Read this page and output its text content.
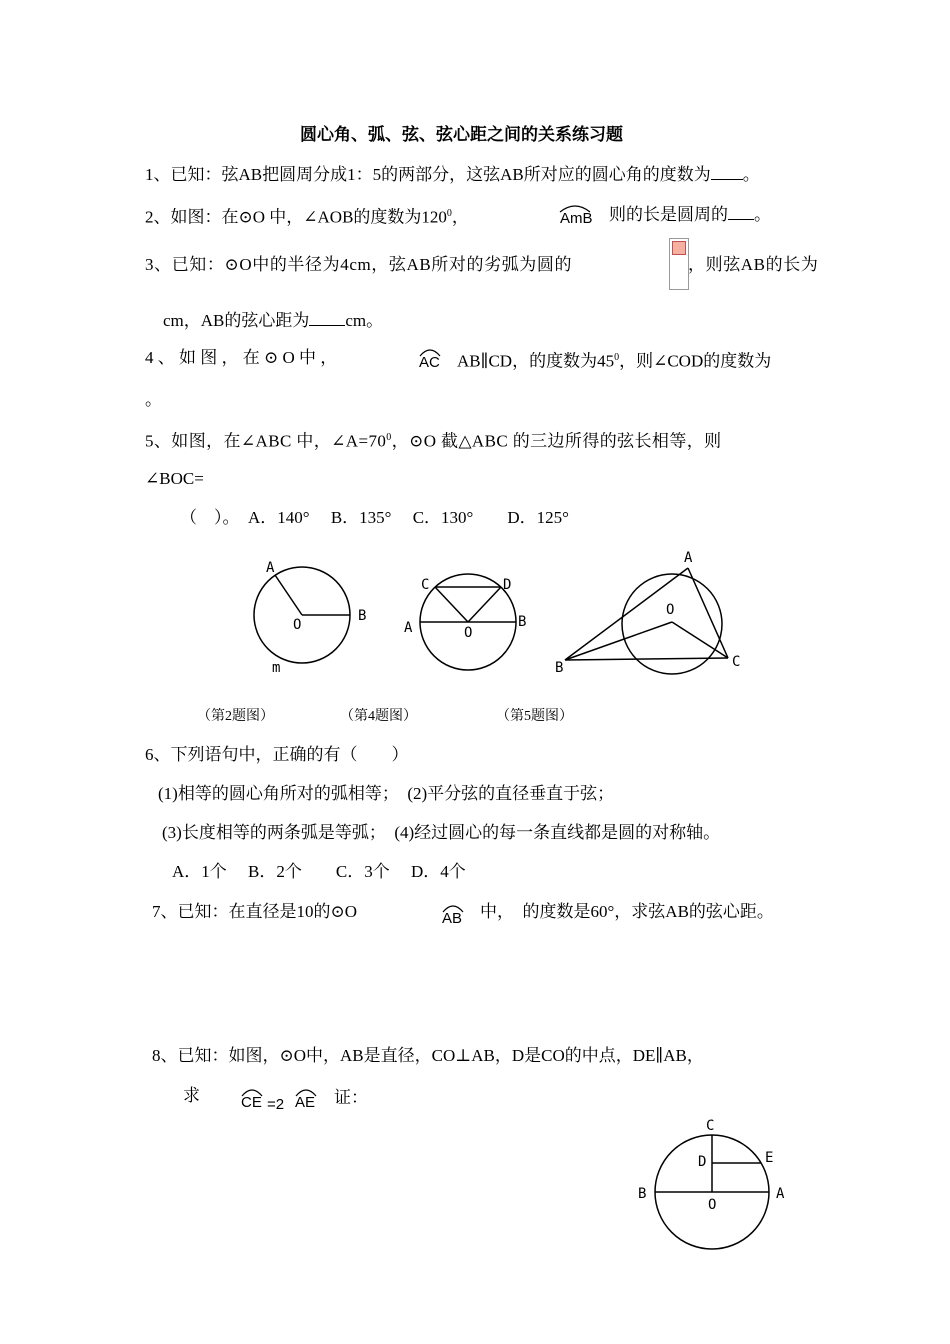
圆心角、弧、弦、弦心距之间的关系练习题
1、已知：弦AB把圆周分成1：5的两部分，这弦AB所对应的圆心角的度数为 。
2、如图：在⊙O 中，∠AOB的度数为$120^0$，	AmB 则的长是圆周的 。
3、已知：⊙O中的半径为4cm，弦AB所对的劣弧为圆的	，则弦AB的长为
cm，AB的弦心距为 cm。
4 、 如 图 ， 在 ⊙ O 中 ，	AC AB∥CD，的度数为$45^0$，则∠COD的度数为
。
5、如图，在∠ABC 中，$\angle A=70^0$，⊙O 截△ABC 的三边所得的弦长相等，则
∠BOC=
（　）。　A．140°　 B．135°　 C．130°　　D．125°
A
O
B
m
C	D
A	O
B
A
O
B	C
（第2题图）	（第4题图）	（第5题图）
6、下列语句中，正确的有（　　）
(1)相等的圆心角所对的弧相等；　(2)平分弦的直径垂直于弦；
(3)长度相等的两条弧是等弧；　(4)经过圆心的每一条直线都是圆的对称轴。
A．1个　 B．2个　　C．3个　 D．4个
7、已知：在直径是10的⊙O	AB 中，　的度数是60°，求弦AB的弦心距。
8、已知：如图，⊙O中，AB是直径，CO⊥AB，D是CO的中点，DE∥AB，
求	CE =2 AE 证：
C
D	E
B
O
A
